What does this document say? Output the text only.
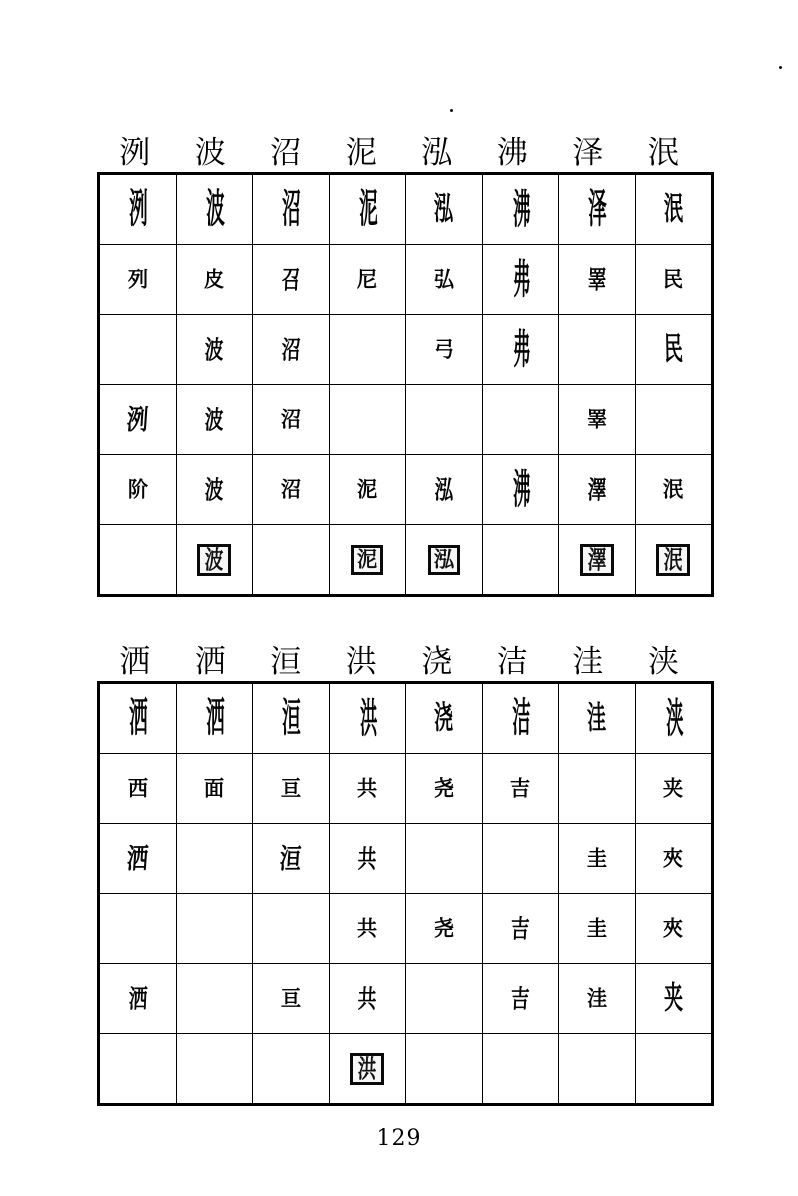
洌	波	沼	泥	泓	沸	泽	泯
洌	波	沼	泥	泓	沸	泽	泯
列	皮	召	尼	弘	弗	睪	民
	波	沼		弓	弗		民
洌	波	沼				睪	
阶	波	沼	泥	泓	沸	澤	泯
	波		泥	泓		澤	泯
洒	洒	洹	洪	浇	洁	洼	浃
洒	洒	洹	洪	浇	洁	洼	浃
西	面	亘	共	尧	吉		夹
洒		洹	共			圭	夾
			共	尧	吉	圭	夾
洒		亘	共		吉	洼	夹
			洪				
129
